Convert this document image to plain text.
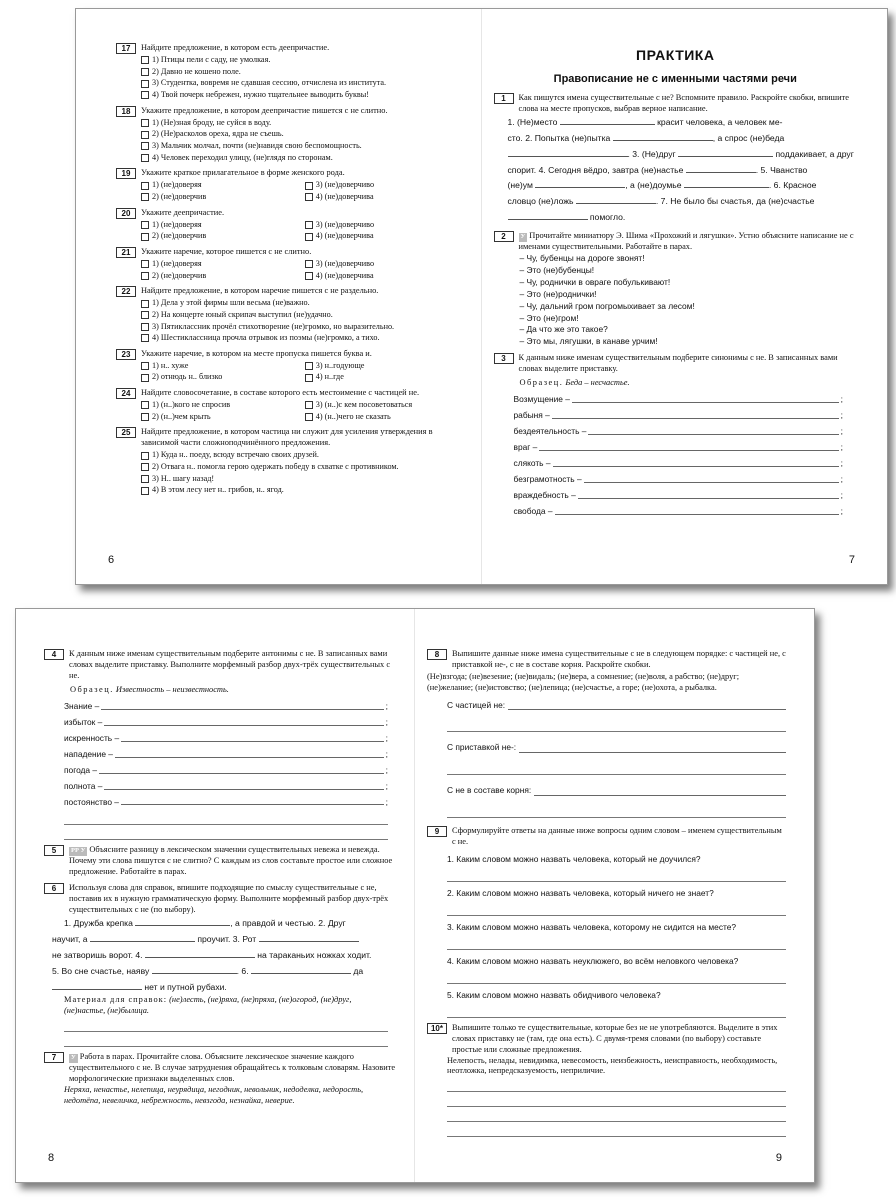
17	Найдите предложение, в котором есть деепричастие.
1) Птицы пели с саду, не умолкая.
2) Давно не кошено поле.
3) Студентка, вовремя не сдавшая сессию, отчислена из института.
4) Твой почерк небрежен, нужно тщательнее выводить буквы!
18	Укажите предложение, в котором деепричастие пишется с не слитно.
1) (Не)зная броду, не суйся в воду.
2) (Не)расколов ореха, ядра не съешь.
3) Мальчик молчал, почти (не)навидя свою беспомощность.
4) Человек переходил улицу, (не)глядя по сторонам.
19	Укажите краткое прилагательное в форме женского рода.
1) (не)доверяя	3) (не)доверчиво
2) (не)доверчив	4) (не)доверчива
20	Укажите деепричастие.
1) (не)доверяя	3) (не)доверчиво
2) (не)доверчив	4) (не)доверчива
21	Укажите наречие, которое пишется с не слитно.
1) (не)доверяя	3) (не)доверчиво
2) (не)доверчив	4) (не)доверчива
22	Найдите предложение, в котором наречие пишется с не раздельно.
1) Дела у этой фирмы шли весьма (не)важно.
2) На концерте юный скрипач выступил (не)удачно.
3) Пятиклассник прочёл стихотворение (не)громко, но выразительно.
4) Шестиклассница прочла отрывок из поэмы (не)громко, а тихо.
23	Укажите наречие, в котором на месте пропуска пишется буква и.
1) н.. хуже	3) н..годующе
2) отнюдь н.. близко	4) н..где
24	Найдите словосочетание, в составе которого есть местоимение с частицей не.
1) (н..)кого не спросив	3) (н..)с кем посоветоваться
2) (н..)чем крыть	4) (н..)чего не сказать
25	Найдите предложение, в котором частица ни служит для усиления утверждения в зависимой части сложноподчинённого предложения.
1) Куда н.. поеду, всюду встречаю своих друзей.
2) Отвага н.. помогла герою одержать победу в схватке с противником.
3) Н.. шагу назад!
4) В этом лесу нет н.. грибов, н.. ягод.
6
ПРАКТИКА
Правописание не с именными частями речи
1	Как пишутся имена существительные с не? Вспомните правило. Раскройте скобки, впишите слова на месте пропусков, выбрав верное написание.
1. (Не)место	красит человека, а человек ме-
сто. 2. Попытка (не)пытка	, а спрос (не)беда
. 3. (Не)друг	поддакивает, а друг
спорит. 4. Сегодня вёдро, завтра (не)настье	. 5. Чванство
(не)ум	, а (не)доумье	. 6. Красное
словцо (не)ложь	. 7. Не было бы счастья, да (не)счастье
помогло.
2	У Прочитайте миниатюру Э. Шима «Прохожий и лягушки». Устно объясните написание не с именами существительными. Работайте в парах.
– Чу, бубенцы на дороге звонят!
– Это (не)бубенцы!
– Чу, роднички в овраге побулькивают!
– Это (не)роднички!
– Чу, дальний гром погромыхивает за лесом!
– Это (не)гром!
– Да что же это такое?
– Это мы, лягушки, в канаве урчим!
3	К данным ниже именам существительным подберите синонимы с не. В записанных вами словах выделите приставку.
Образец. Беда – несчастье.
Возмущение –	;
рабыня –	;
бездеятельность –	;
враг –	;
слякоть –	;
безграмотность –	;
враждебность –	;
свобода –	;
7
4	К данным ниже именам существительным подберите антонимы с не. В записанных вами словах выделите приставку. Выполните морфемный разбор двух-трёх существительных с не.
Образец. Известность – неизвестность.
Знание –	;
избыток –	;
искренность –	;
нападение –	;
погода –	;
полнота –	;
постоянство –	;
5	РР У Объясните разницу в лексическом значении существительных невежа и невежда. Почему эти слова пишутся с не слитно? С каждым из слов составьте простое или сложное предложение. Работайте в парах.
6	Используя слова для справок, впишите подходящие по смыслу существительные с не, поставив их в нужную грамматическую форму. Выполните морфемный разбор двух-трёх существительных с не (по выбору).
1. Дружба крепка	, а правдой и честью. 2. Друг
научит, а	проучит. 3. Рот
не затворишь ворот. 4.	на тараканьих ножках ходит.
5. Во сне счастье, наяву	. 6.	да
нет и путной рубахи.
Материал для справок: (не)лесть, (не)ряха, (не)пряха, (не)огород, (не)друг, (не)настье, (не)былица.
7	У Работа в парах. Прочитайте слова. Объясните лексическое значение каждого существительного с не. В случае затруднения обращайтесь к толковым словарям. Назовите морфологические признаки выделенных слов.
Неряха, ненастье, нелепица, неурядица, негодник, невольник, недоделка, недорость, недотёпа, невеличка, небрежность, невзгода, незнайка, неверие.
8
8	Выпишите данные ниже имена существительные с не в следующем порядке: с частицей не, с приставкой не-, с не в составе корня. Раскройте скобки.
(Не)взгода; (не)везение; (не)видаль; (не)вера, а сомнение; (не)воля, а рабство; (не)друг; (не)желание; (не)истовство; (не)лепица; (не)счастье, а горе; (не)охота, а рыбалка.
С частицей не:
С приставкой не-:
С не в составе корня:
9	Сформулируйте ответы на данные ниже вопросы одним словом – именем существительным с не.
1. Каким словом можно назвать человека, который не доучился?
2. Каким словом можно назвать человека, который ничего не знает?
3. Каким словом можно назвать человека, которому не сидится на месте?
4. Каким словом можно назвать неуклюжего, во всём неловкого человека?
5. Каким словом можно назвать обидчивого человека?
10*	Выпишите только те существительные, которые без не не употребляются. Выделите в этих словах приставку не (там, где она есть). С двумя-тремя словами (по выбору) составьте простые или сложные предложения.
Нелепость, нелады, невидимка, невесомость, неизбежность, неисправность, необходимость, неотложка, непредсказуемость, неприличие.
9
